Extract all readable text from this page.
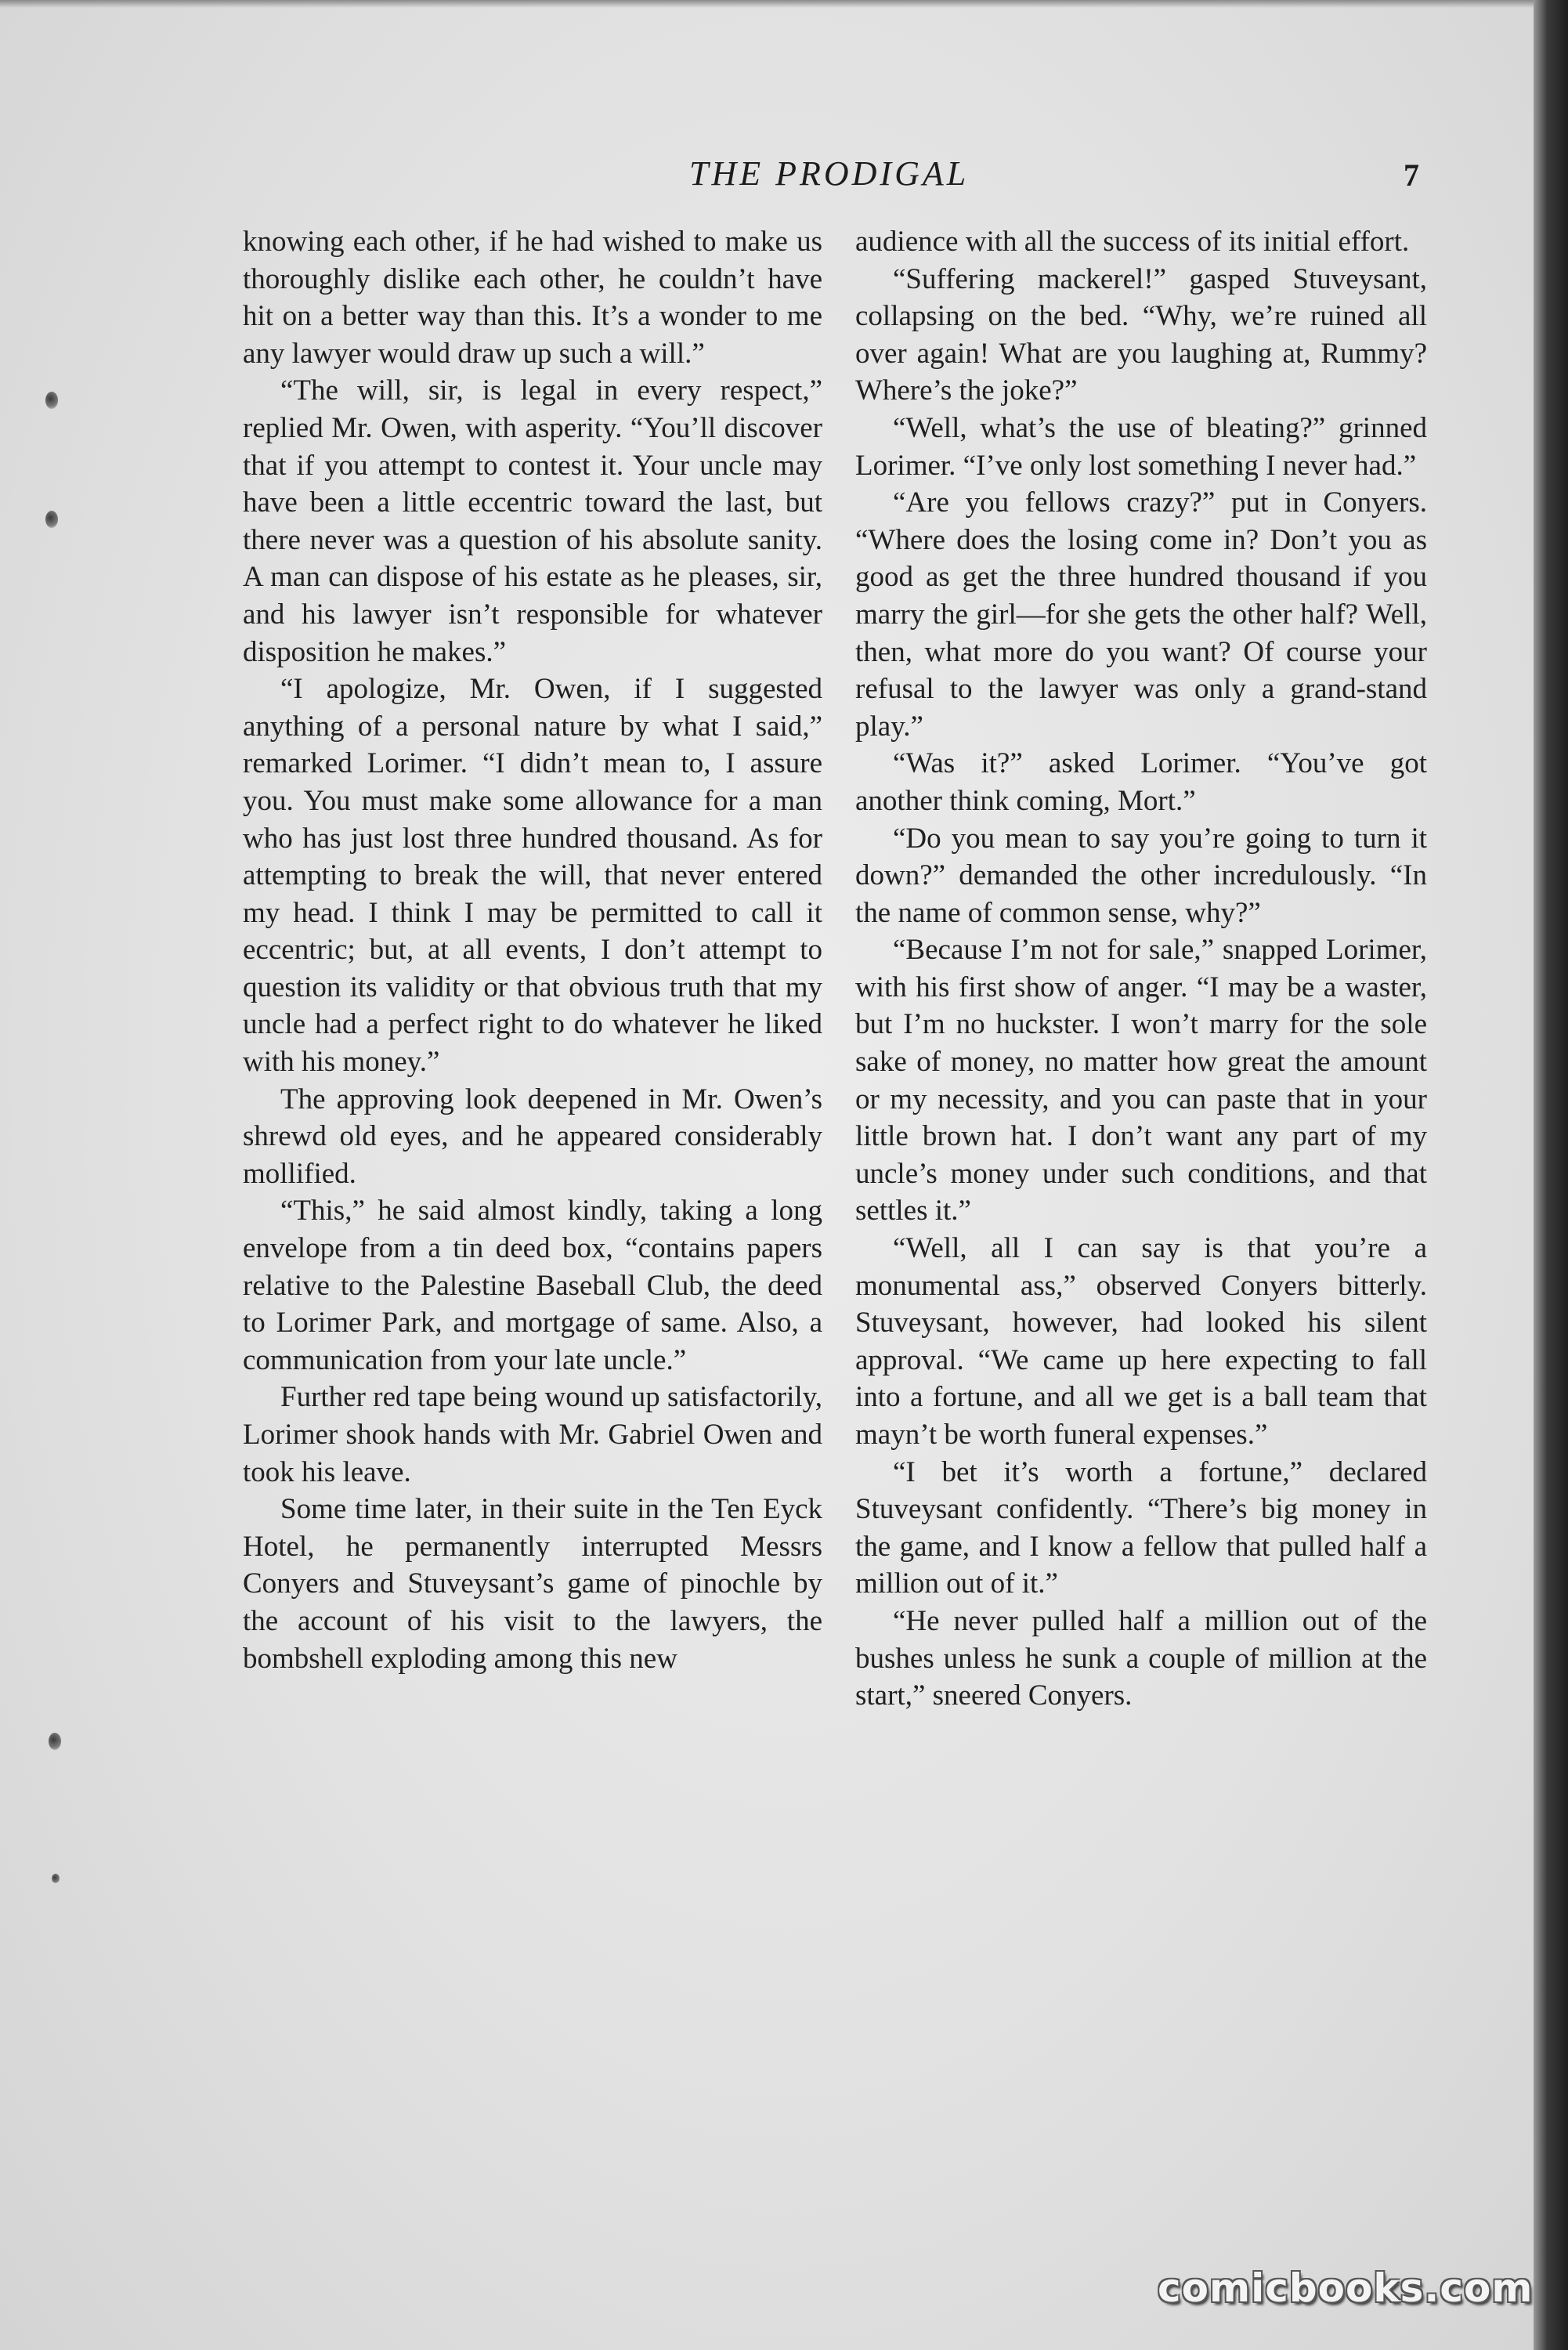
THE PRODIGAL	7

knowing each other, if he had wished to make us thoroughly dislike each other, he couldn’t have hit on a better way than this. It’s a wonder to me any lawyer would draw up such a will.”

“The will, sir, is legal in every respect,” replied Mr. Owen, with asperity. “You’ll discover that if you attempt to contest it. Your uncle may have been a little eccentric toward the last, but there never was a question of his absolute sanity. A man can dispose of his estate as he pleases, sir, and his lawyer isn’t responsible for whatever disposition he makes.”

“I apologize, Mr. Owen, if I suggested anything of a personal nature by what I said,” remarked Lorimer. “I didn’t mean to, I assure you. You must make some allowance for a man who has just lost three hundred thousand. As for attempting to break the will, that never entered my head. I think I may be permitted to call it eccentric; but, at all events, I don’t attempt to question its validity or that obvious truth that my uncle had a perfect right to do whatever he liked with his money.”

The approving look deepened in Mr. Owen’s shrewd old eyes, and he appeared considerably mollified.

“This,” he said almost kindly, taking a long envelope from a tin deed box, “contains papers relative to the Palestine Baseball Club, the deed to Lorimer Park, and mortgage of same. Also, a communication from your late uncle.”

Further red tape being wound up satisfactorily, Lorimer shook hands with Mr. Gabriel Owen and took his leave.

Some time later, in their suite in the Ten Eyck Hotel, he permanently interrupted Messrs Conyers and Stuveysant’s game of pinochle by the account of his visit to the lawyers, the bombshell exploding among this new

audience with all the success of its initial effort.

“Suffering mackerel!” gasped Stuveysant, collapsing on the bed. “Why, we’re ruined all over again! What are you laughing at, Rummy? Where’s the joke?”

“Well, what’s the use of bleating?” grinned Lorimer. “I’ve only lost something I never had.”

“Are you fellows crazy?” put in Conyers. “Where does the losing come in? Don’t you as good as get the three hundred thousand if you marry the girl—for she gets the other half? Well, then, what more do you want? Of course your refusal to the lawyer was only a grand-stand play.”

“Was it?” asked Lorimer. “You’ve got another think coming, Mort.”

“Do you mean to say you’re going to turn it down?” demanded the other incredulously. “In the name of common sense, why?”

“Because I’m not for sale,” snapped Lorimer, with his first show of anger. “I may be a waster, but I’m no huckster. I won’t marry for the sole sake of money, no matter how great the amount or my necessity, and you can paste that in your little brown hat. I don’t want any part of my uncle’s money under such conditions, and that settles it.”

“Well, all I can say is that you’re a monumental ass,” observed Conyers bitterly. Stuveysant, however, had looked his silent approval. “We came up here expecting to fall into a fortune, and all we get is a ball team that mayn’t be worth funeral expenses.”

“I bet it’s worth a fortune,” declared Stuveysant confidently. “There’s big money in the game, and I know a fellow that pulled half a million out of it.”

“He never pulled half a million out of the bushes unless he sunk a couple of million at the start,” sneered Conyers.

comicbooks.com
